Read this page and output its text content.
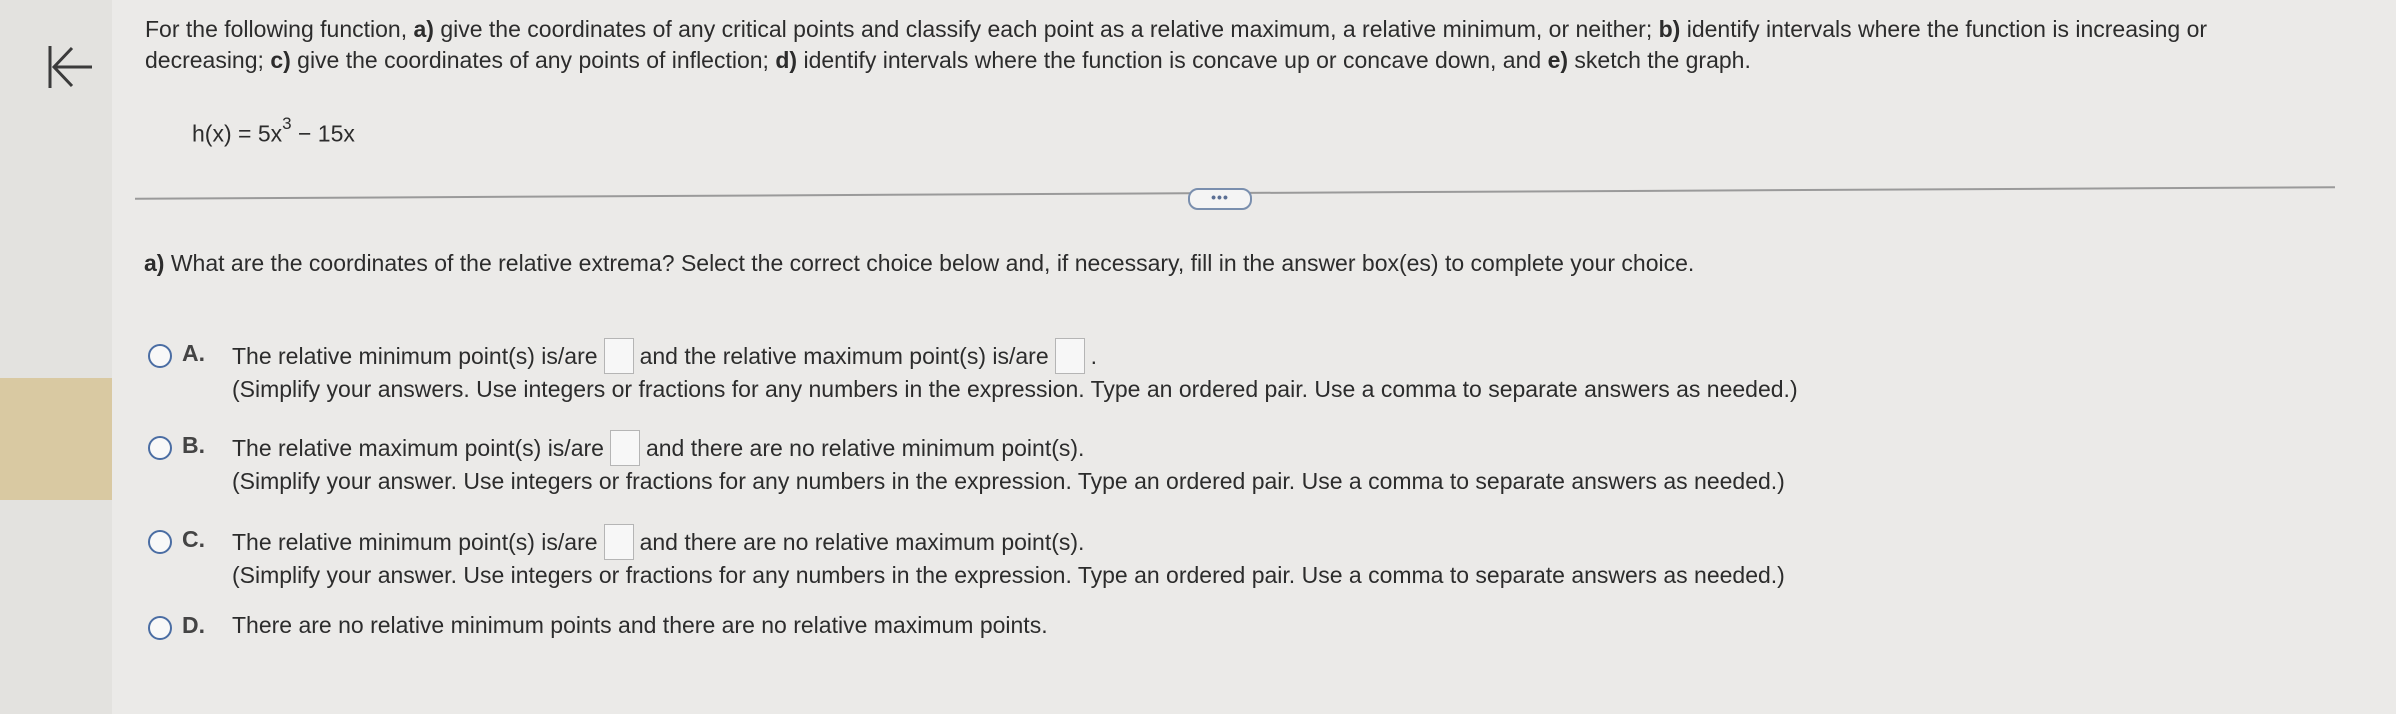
For the following function, a) give the coordinates of any critical points and classify each point as a relative maximum, a relative minimum, or neither; b) identify intervals where the function is increasing or decreasing; c) give the coordinates of any points of inflection; d) identify intervals where the function is concave up or concave down, and e) sketch the graph.
$h(x) = 5x^3 - 15x$
•••
a) What are the coordinates of the relative extrema? Select the correct choice below and, if necessary, fill in the answer box(es) to complete your choice.
A. The relative minimum point(s) is/are and the relative maximum point(s) is/are .
(Simplify your answers. Use integers or fractions for any numbers in the expression. Type an ordered pair. Use a comma to separate answers as needed.)
B. The relative maximum point(s) is/are and there are no relative minimum point(s).
(Simplify your answer. Use integers or fractions for any numbers in the expression. Type an ordered pair. Use a comma to separate answers as needed.)
C. The relative minimum point(s) is/are and there are no relative maximum point(s).
(Simplify your answer. Use integers or fractions for any numbers in the expression. Type an ordered pair. Use a comma to separate answers as needed.)
D. There are no relative minimum points and there are no relative maximum points.
